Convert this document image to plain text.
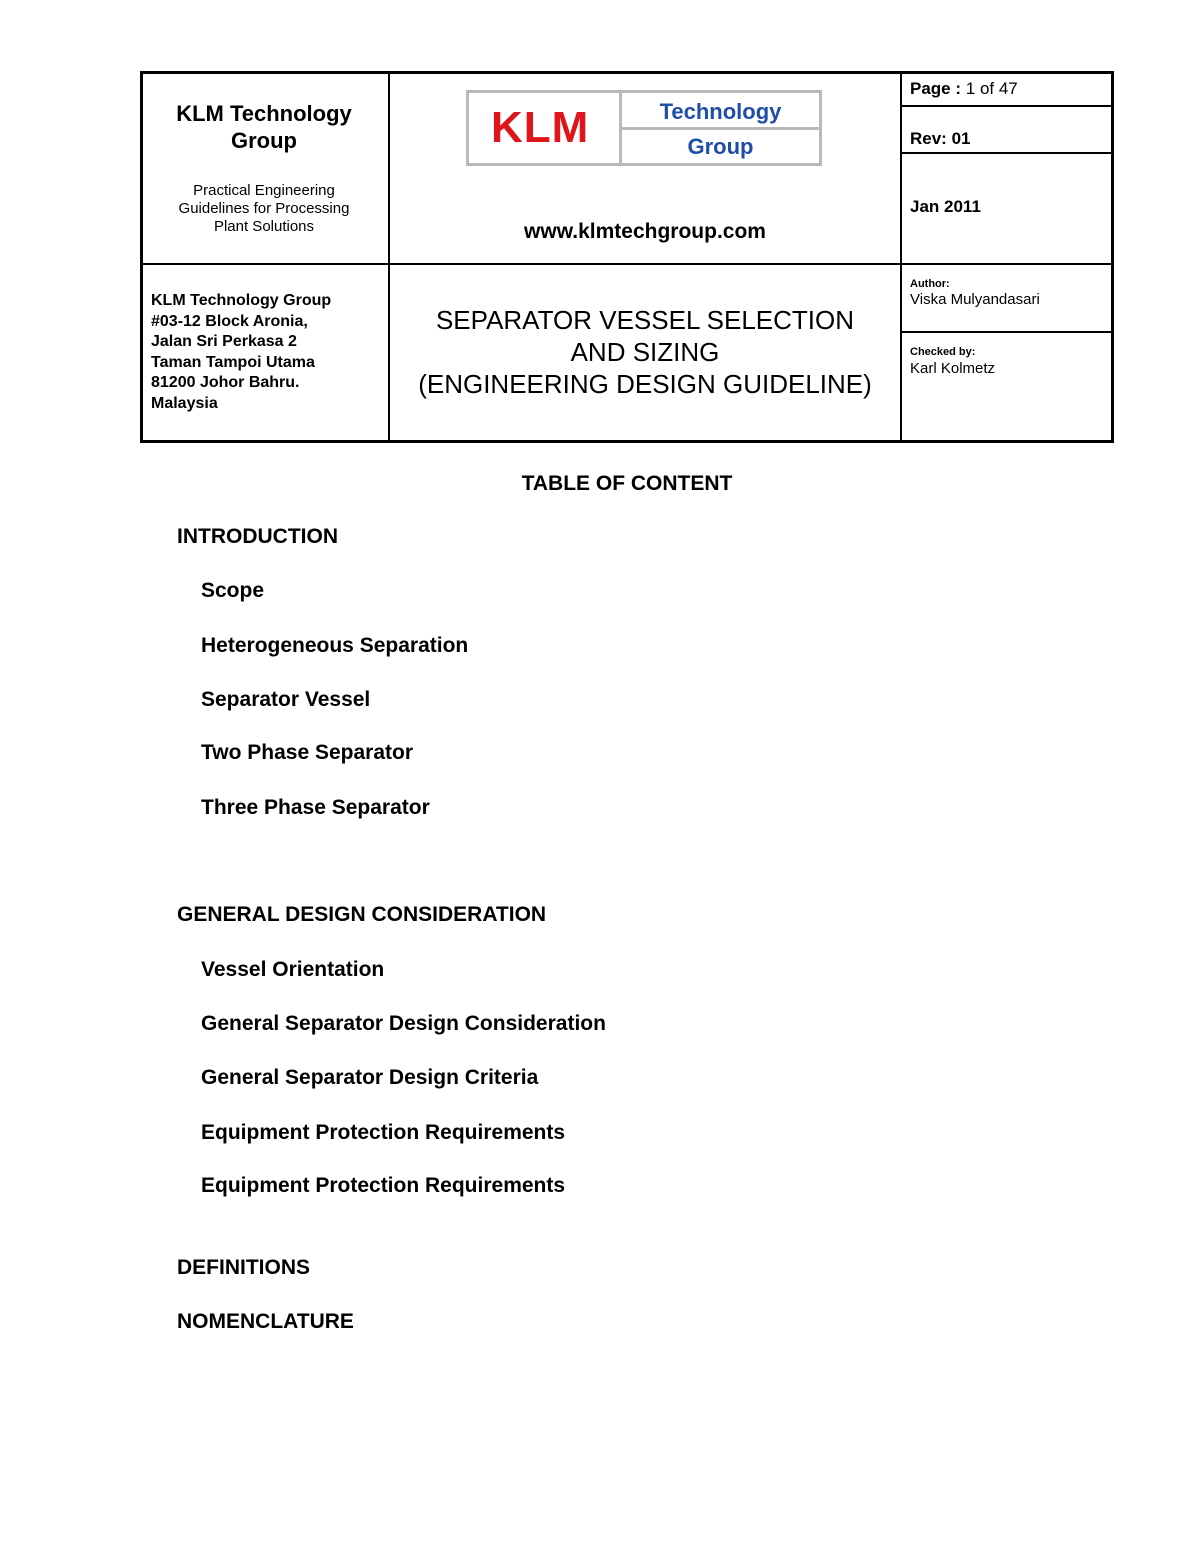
KLM Technology Group
Practical Engineering Guidelines for Processing Plant Solutions
KLM	Technology
Group
www.klmtechgroup.com
Page : 1 of 47
Rev: 01
Jan 2011
KLM Technology Group
#03-12 Block Aronia,
Jalan Sri Perkasa 2
Taman Tampoi Utama
81200 Johor Bahru.
Malaysia
SEPARATOR VESSEL SELECTION
AND SIZING
(ENGINEERING DESIGN GUIDELINE)
Author:
Viska Mulyandasari
Checked by:
Karl Kolmetz
TABLE OF CONTENT
INTRODUCTION
Scope
Heterogeneous Separation
Separator Vessel
Two Phase Separator
Three Phase Separator
GENERAL DESIGN CONSIDERATION
Vessel Orientation
General Separator Design Consideration
General Separator Design Criteria
Equipment Protection Requirements
Equipment Protection Requirements
DEFINITIONS
NOMENCLATURE
